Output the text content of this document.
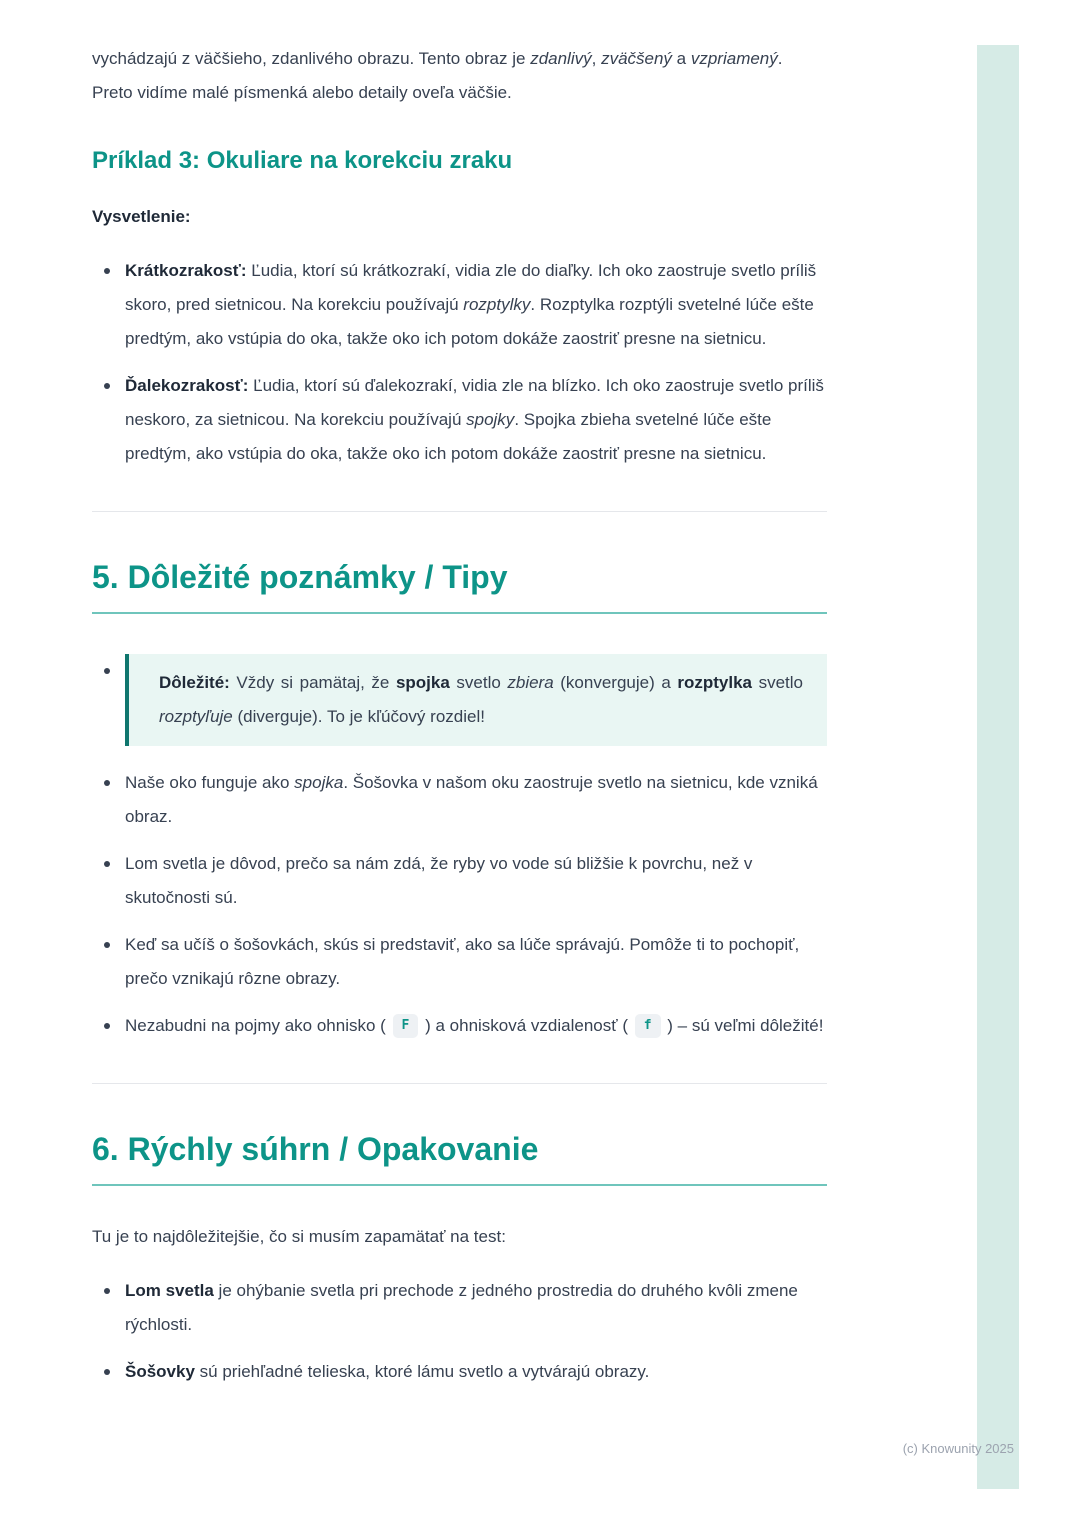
vychádzajú z väčšieho, zdanlivého obrazu. Tento obraz je zdanlivý, zväčšený a vzpriamený. Preto vidíme malé písmenká alebo detaily oveľa väčšie.

Príklad 3: Okuliare na korekciu zraku

Vysvetlenie:

Krátkozrakosť: Ľudia, ktorí sú krátkozrakí, vidia zle do diaľky. Ich oko zaostruje svetlo príliš skoro, pred sietnicou. Na korekciu používajú rozptylky. Rozptylka rozptýli svetelné lúče ešte predtým, ako vstúpia do oka, takže oko ich potom dokáže zaostriť presne na sietnicu.
Ďalekozrakosť: Ľudia, ktorí sú ďalekozrakí, vidia zle na blízko. Ich oko zaostruje svetlo príliš neskoro, za sietnicou. Na korekciu používajú spojky. Spojka zbieha svetelné lúče ešte predtým, ako vstúpia do oka, takže oko ich potom dokáže zaostriť presne na sietnicu.
5. Dôležité poznámky / Tipy

Dôležité: Vždy si pamätaj, že spojka svetlo zbiera (konverguje) a rozptylka svetlo rozptyľuje (diverguje). To je kľúčový rozdiel!

Naše oko funguje ako spojka. Šošovka v našom oku zaostruje svetlo na sietnicu, kde vzniká obraz.
Lom svetla je dôvod, prečo sa nám zdá, že ryby vo vode sú bližšie k povrchu, než v skutočnosti sú.
Keď sa učíš o šošovkách, skús si predstaviť, ako sa lúče správajú. Pomôže ti to pochopiť, prečo vznikajú rôzne obrazy.
Nezabudni na pojmy ako ohnisko ( F ) a ohnisková vzdialenosť ( f ) – sú veľmi dôležité!
6. Rýchly súhrn / Opakovanie

Tu je to najdôležitejšie, čo si musím zapamätať na test:

Lom svetla je ohýbanie svetla pri prechode z jedného prostredia do druhého kvôli zmene rýchlosti.
Šošovky sú priehľadné telieska, ktoré lámu svetlo a vytvárajú obrazy.
(c) Knowunity 2025
